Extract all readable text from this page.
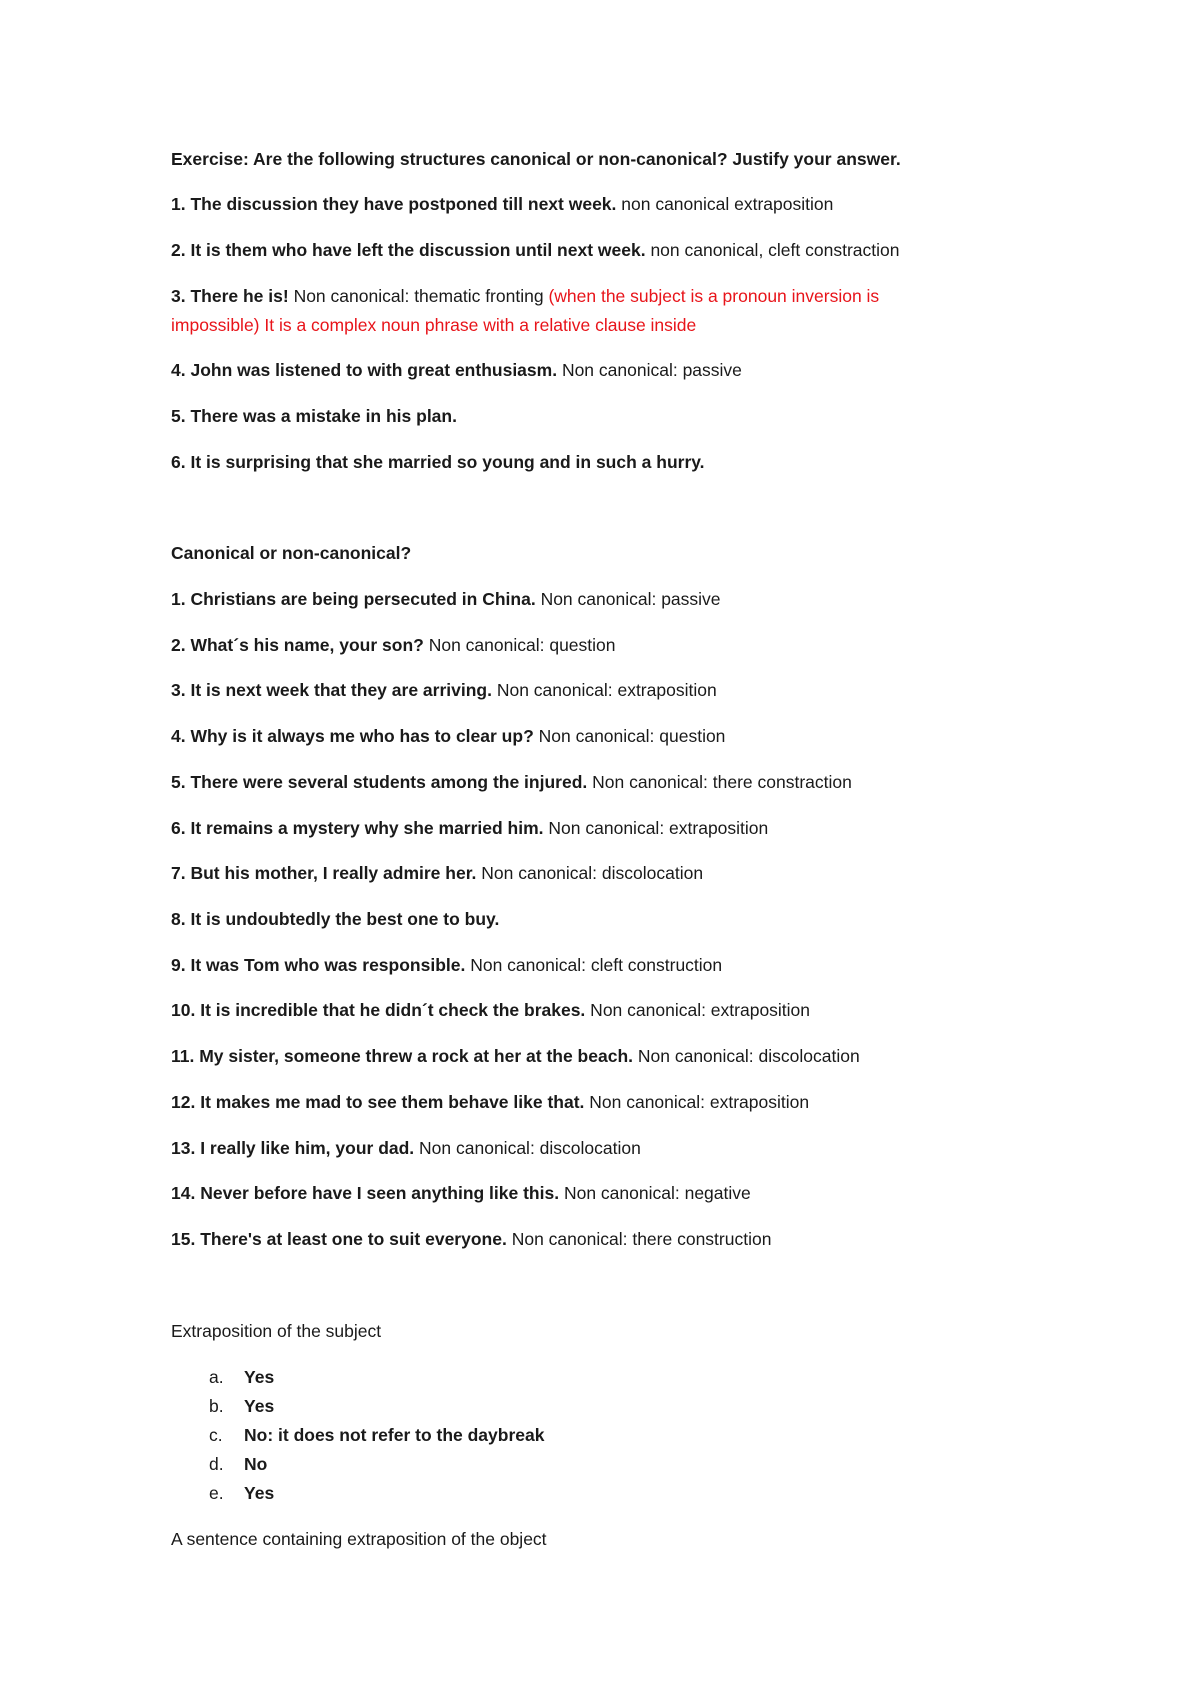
Exercise: Are the following structures canonical or non-canonical? Justify your answer.
1. The discussion they have postponed till next week. non canonical extraposition
2. It is them who have left the discussion until next week. non canonical, cleft constraction
3. There he is! Non canonical: thematic fronting (when the subject is a pronoun inversion is
impossible) It is a complex noun phrase with a relative clause inside
4. John was listened to with great enthusiasm. Non canonical: passive
5. There was a mistake in his plan.
6. It is surprising that she married so young and in such a hurry.
Canonical or non-canonical?
1. Christians are being persecuted in China. Non canonical: passive
2. What´s his name, your son? Non canonical: question
3. It is next week that they are arriving. Non canonical: extraposition
4. Why is it always me who has to clear up? Non canonical: question
5. There were several students among the injured. Non canonical: there constraction
6. It remains a mystery why she married him. Non canonical: extraposition
7. But his mother, I really admire her. Non canonical: discolocation
8. It is undoubtedly the best one to buy.
9. It was Tom who was responsible. Non canonical: cleft construction
10. It is incredible that he didn´t check the brakes. Non canonical: extraposition
11. My sister, someone threw a rock at her at the beach. Non canonical: discolocation
12. It makes me mad to see them behave like that. Non canonical: extraposition
13. I really like him, your dad. Non canonical: discolocation
14. Never before have I seen anything like this. Non canonical: negative
15. There's at least one to suit everyone. Non canonical: there construction
Extraposition of the subject
a. Yes
b. Yes
c. No: it does not refer to the daybreak
d. No
e. Yes
A sentence containing extraposition of the object
